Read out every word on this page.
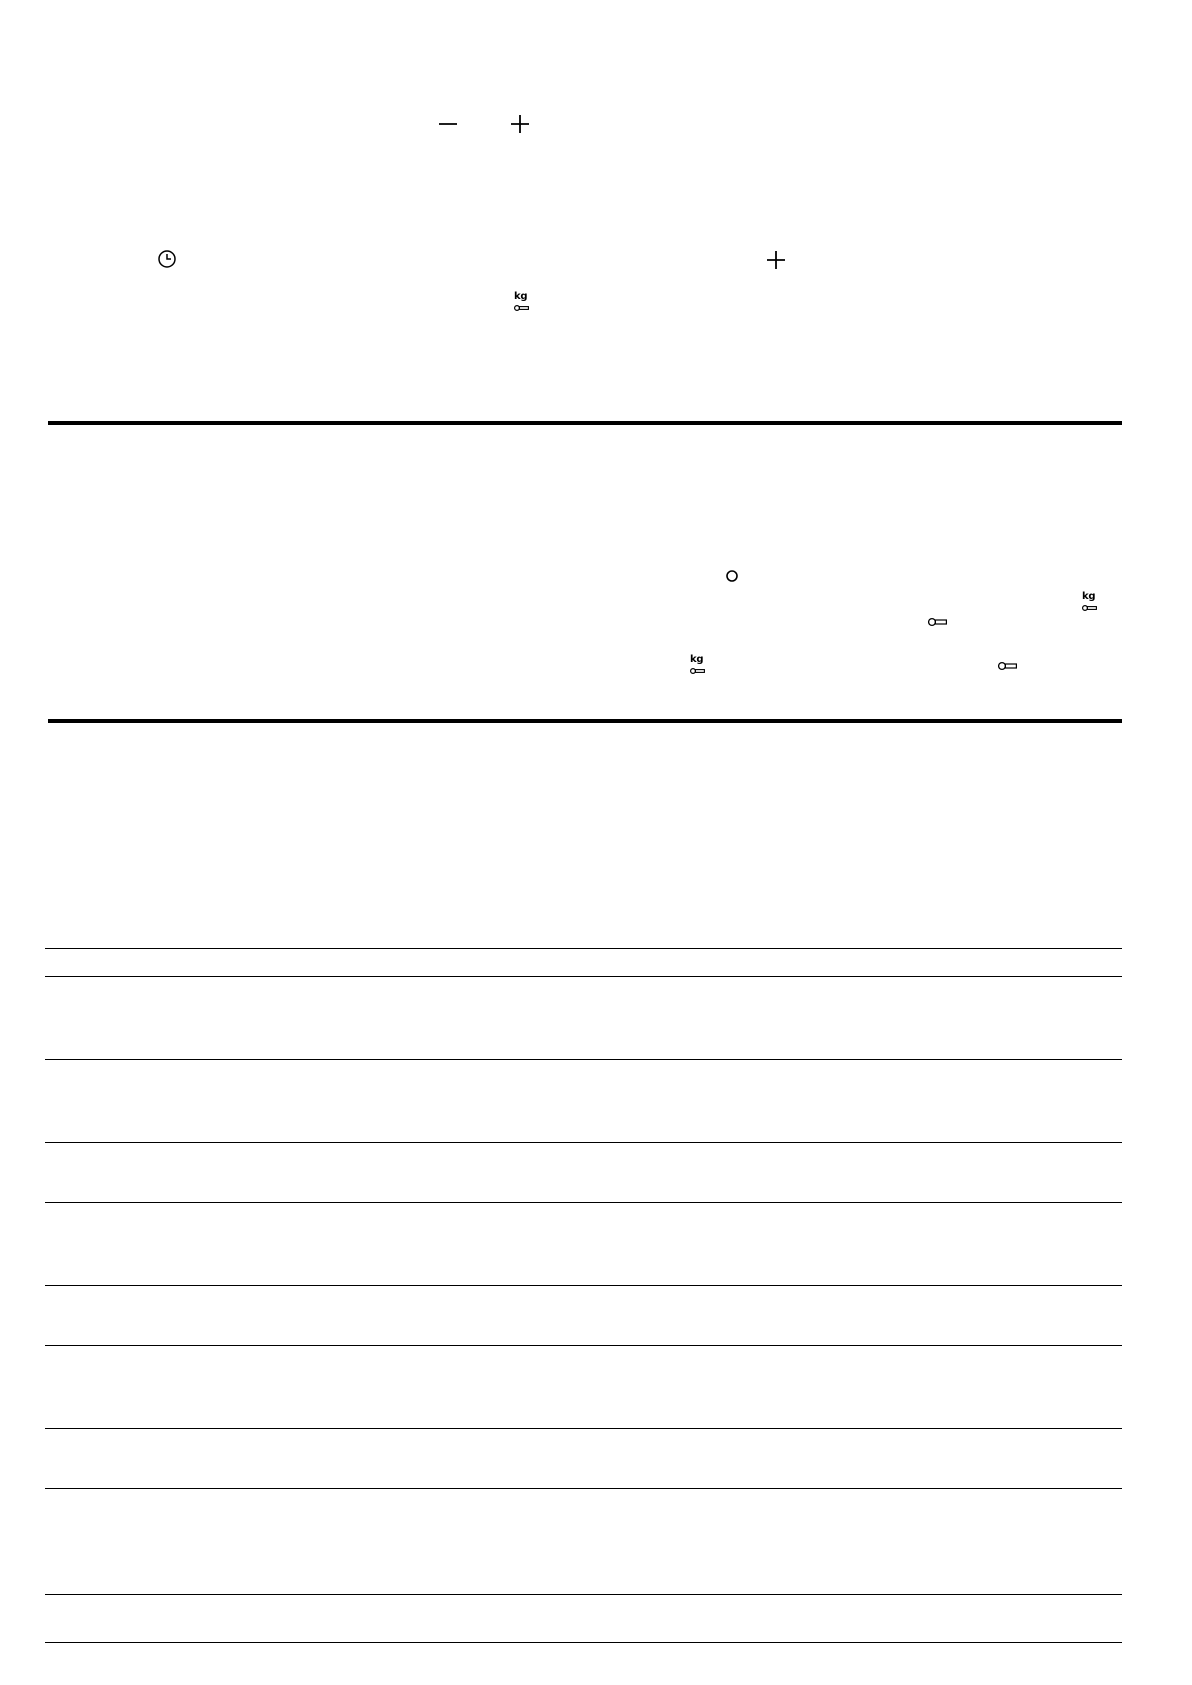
kg
kg
kg
